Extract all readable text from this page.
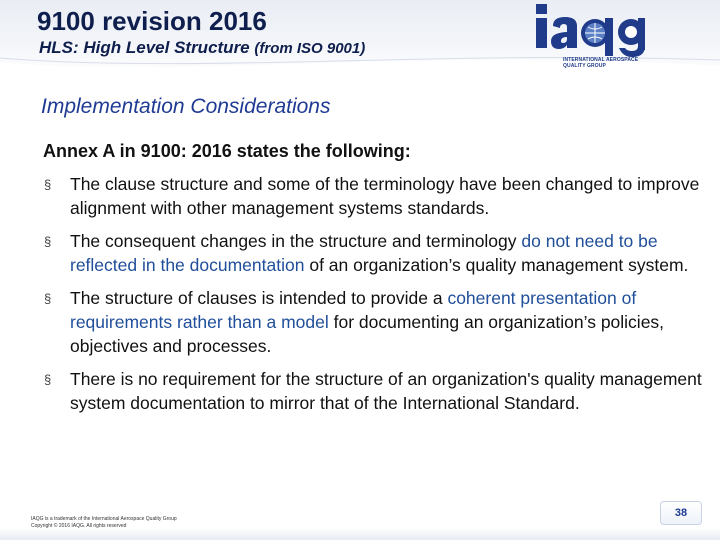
9100 revision 2016
HLS: High Level Structure (from ISO 9001)
INTERNATIONAL AEROSPACE QUALITY GROUP
Implementation Considerations

Annex A in 9100: 2016 states the following:

§ The clause structure and some of the terminology have been changed to improve alignment with other management systems standards.
§ The consequent changes in the structure and terminology do not need to be reflected in the documentation of an organization’s quality management system.
§ The structure of clauses is intended to provide a coherent presentation of requirements rather than a model for documenting an organization’s policies, objectives and processes.
§ There is no requirement for the structure of an organization's quality management system documentation to mirror that of the International Standard.
IAQG is a trademark of the International Aerospace Quality Group
Copyright © 2016 IAQG. All rights reserved
38
